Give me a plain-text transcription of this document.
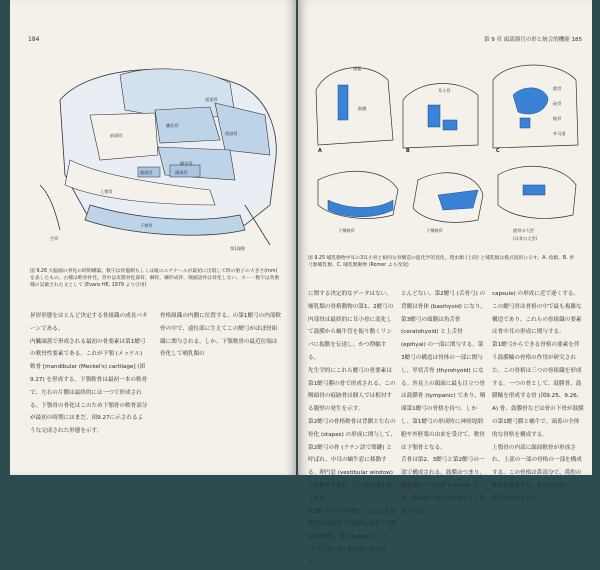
184
頭頂骨
鱗状骨
後頭骨
前頭骨
蝶形骨
側頭骨
腹頭骨
上顎骨
下顎骨
舌骨
第1頚椎
図 9.26 大脳頭の骨化の時期構築。数字は骨盤側もしくは縦のエチナールが最初に出現して時の胎子の大きさ(mm)を表したもの。古種は軟骨骨性。背中は皮膜骨化部骨。棘骨。棘形成骨、嗅頭語骨は骨化しない。ヌー一数字は各胎種の記載された文として (Evans HE, 1979 より引用)

昇形形態をはとんど決定する骨組織の成長パターンである。

内臓頭蓋で形成される最初の骨要素は第1鰓弓の軟骨性要素である。これが下顎 (メッケル) 軟骨 [mandibular (Meckel's) cartilage] (図9.27) を形成する。下顎軟骨は最初一本の軟骨で、左右の片側は最終的には一つで形成される。下顎骨の骨化はこのため下顎骨の軟骨部分が最初の時期にはまだ、図9.27に示されるような完成された形態を示す。

骨格組織の内側に位置する、の第1鰓弓の内部軟骨の中で、遠位部に生えてこの鰓弓がほぼ骨組織に関与される。しか、下顎軟骨の最近位端は骨化して哺乳類の

第 9 章 頭部器官の形と統合的機能 185
A
頭蓋
鼓膜
B
耳小骨
C
鐙骨
砧骨
槌骨
外耳道
下顎軟骨	下顎軟骨	鐙骨の大型
(耳骨の大型)
図 9.25 哺乳動物中耳の3耳小骨と相同な骨構造の進化学的変化。爬虫類 (上段) と哺乳類は模式図的に示す。A. 魚類、B. 単弓類哺乳類、C. 哺乳類動物 (Romer より改変)

に関する決定的なデータはない。

哺乳類の骨格動物の第1、2鰓弓の内部骨は最終的に耳小骨に変化して鼓膜から蝸牛管を振り動くリンパに振動を伝達し、かつ増幅する。

先生学的にこれら鰓弓の骨要素は第1鰓弓膜の骨で形成される。この咽頭骨の痕跡骨は個人では相対する腹壁の発生を示す。

第2鰓弓の骨格軟骨は背側と左右の骨化 (stapes) の形成に関与して、第2鰓弓の骨 (ラテン語で関鍵) と呼ばれ、中耳の蝸牛窓に移動する。卵円窓 (vestibular window) に接触する骨が、この骨の発生物である。

第2鰓弓の骨の特徴で、これより軟骨性の遠位部で一般的な流性で (図9.25参照)、骨 (stapes) として (ラテン語で鐙) 前庭窓に関与する。

とんどない。第2鰓弓 (舌骨弓) の背側は骨体 (basihyoid) になり、第3鰓弓の頭側は角舌骨 (ceratohyoid) と上舌骨 (epihyal) の一部に関与する。第3鰓弓の構造は骨体の一部に関与し、甲状舌骨 (thyrohyoid) になる。外見上の顔面に最も目立つ骨は鼓膜骨 (tympanic) であり、咽頭第1鰓弓の骨格を持つ。しかし、第1鰓弓の形成時に神経堤細胞や外胚葉の由来を受けて、軟骨は下顎骨となる。

舌骨は第2、3鰓弓と第2鰓弓の一部で構成される。鼓膜はつまり、哺乳類の一つの骨 (cricoid) では、咽頭筋と他の骨を除去して形成される。

capsule) の形成に近で遅くする。この鰓弓骨は骨格の中で最も複雑な構造であり、これらの骨組織の要素は骨中耳の形成に関与する。

第1鰓弓からできる骨格の要素を伴う鼓膜輪の骨格の作用が研究された。この骨格は三つの骨組織を形成する。一つの骨として、鼓膜骨、鼓膜輪を形成する骨 (図9.25、9.26、A) 骨、鼓膜骨などは骨の下骨が鼓膜の第1鰓弓膜と蝸牛で、頭蓋の全体的な骨格を構成する。

上顎骨の内部に顔面軟骨が形成され、上部の一部の骨格の一部を構成する。この骨格は鼻部分で、鼻腔の骨格を構成する。骨格の全体として頭蓋は形成される。
